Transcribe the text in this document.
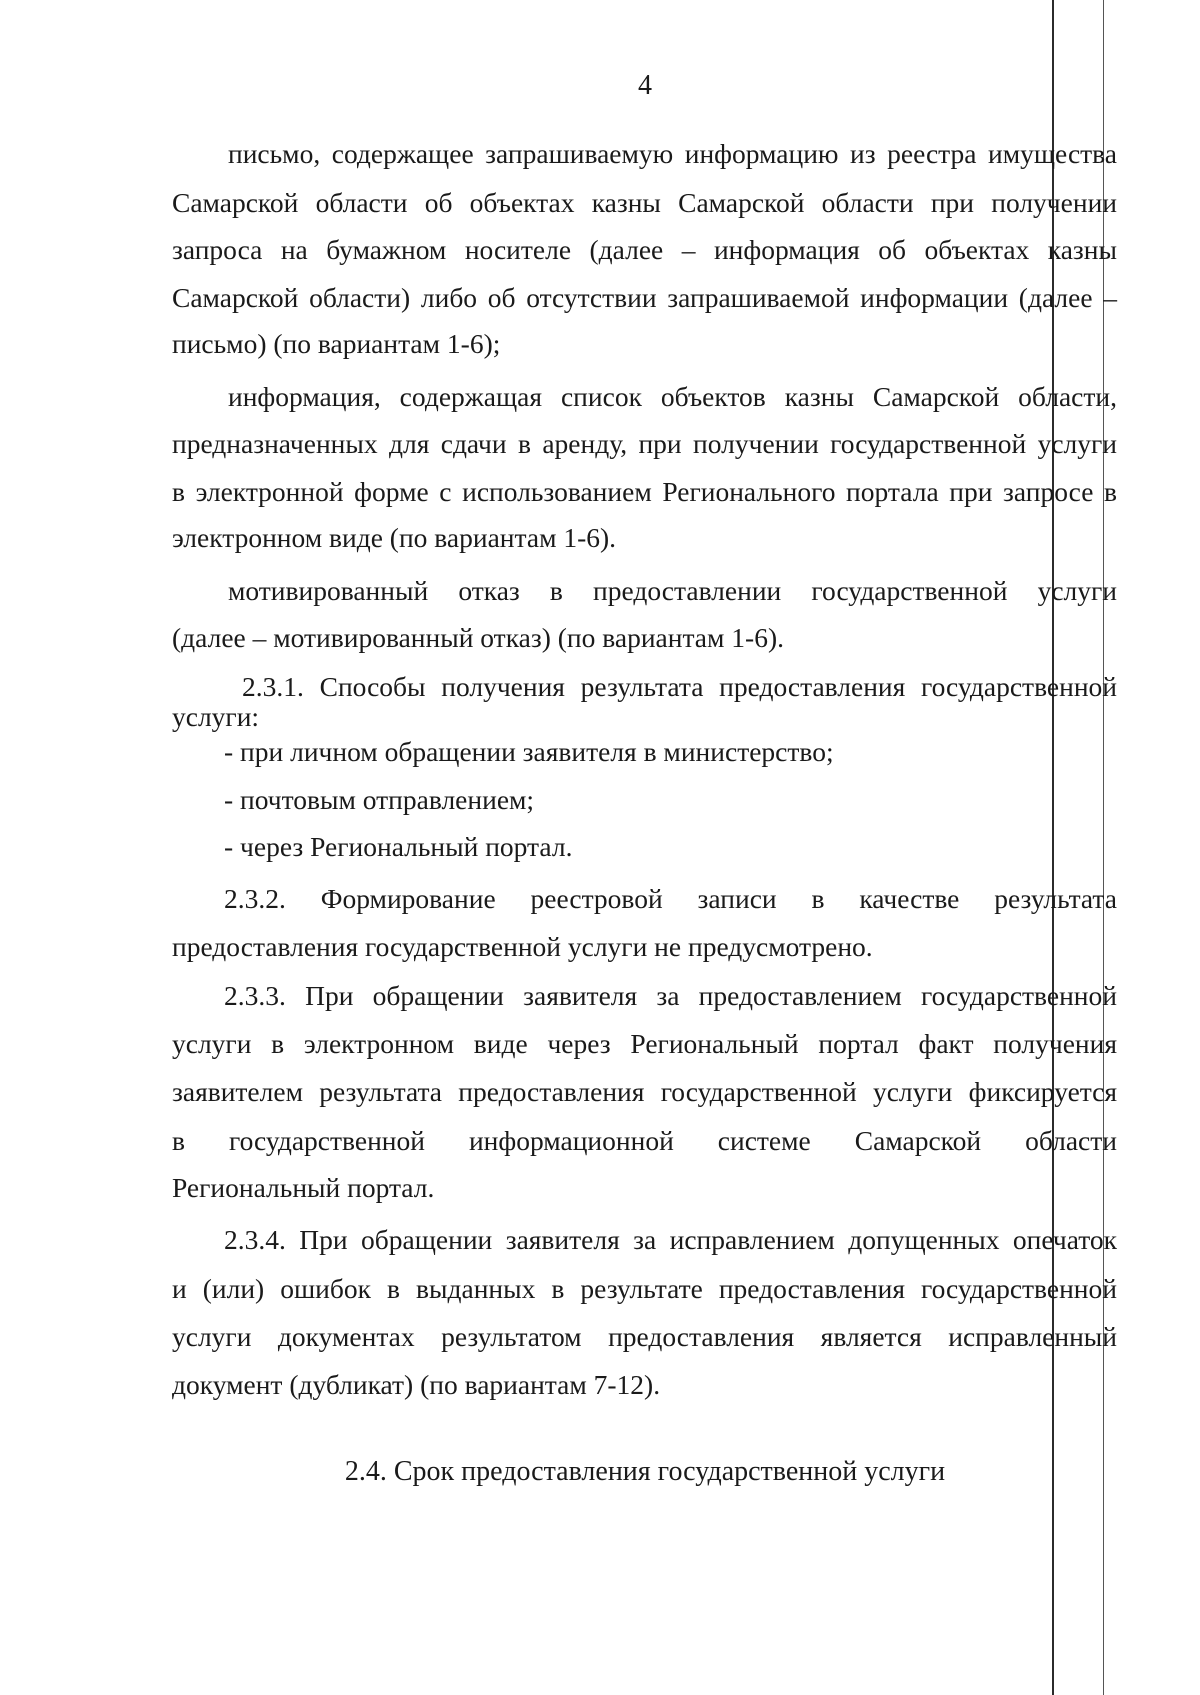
4
письмо, содержащее запрашиваемую информацию из реестра имущества
Самарской области об объектах казны Самарской области при получении
запроса на бумажном носителе (далее – информация об объектах казны
Самарской области) либо об отсутствии запрашиваемой информации (далее –
письмо) (по вариантам 1-6);
информация, содержащая список объектов казны Самарской области,
предназначенных для сдачи в аренду, при получении государственной услуги
в электронной форме с использованием Регионального портала при запросе в
электронном виде (по вариантам 1-6).
мотивированный отказ в предоставлении государственной услуги
(далее – мотивированный отказ) (по вариантам 1-6).
2.3.1. Способы получения результата предоставления государственной
услуги:
- при личном обращении заявителя в министерство;
- почтовым отправлением;
- через Региональный портал.
2.3.2. Формирование реестровой записи в качестве результата
предоставления государственной услуги не предусмотрено.
2.3.3. При обращении заявителя за предоставлением государственной
услуги в электронном виде через Региональный портал факт получения
заявителем результата предоставления государственной услуги фиксируется
в государственной информационной системе Самарской области
Региональный портал.
2.3.4. При обращении заявителя за исправлением допущенных опечаток
и (или) ошибок в выданных в результате предоставления государственной
услуги документах результатом предоставления является исправленный
документ (дубликат) (по вариантам 7-12).
2.4. Срок предоставления государственной услуги
